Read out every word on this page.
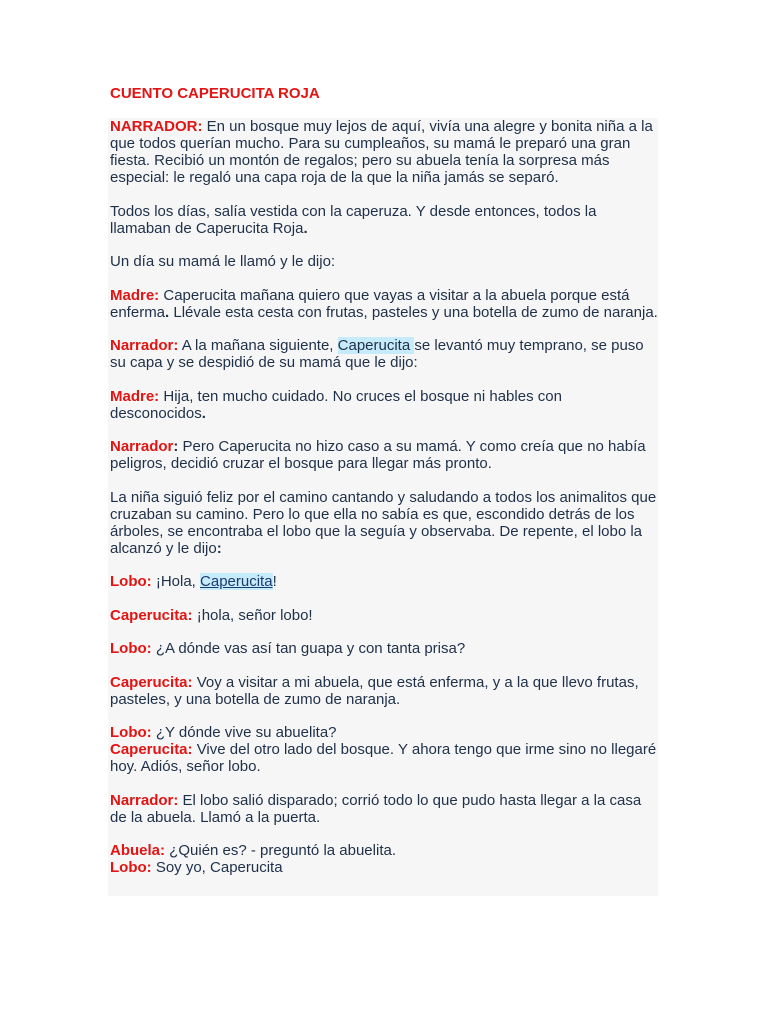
CUENTO CAPERUCITA ROJA

NARRADOR: En un bosque muy lejos de aquí, vivía una alegre y bonita niña a la que todos querían mucho. Para su cumpleaños, su mamá le preparó una gran fiesta. Recibió un montón de regalos; pero su abuela tenía la sorpresa más especial: le regaló una capa roja de la que la niña jamás se separó.

Todos los días, salía vestida con la caperuza. Y desde entonces, todos la llamaban de Caperucita Roja.

Un día su mamá le llamó y le dijo:

Madre: Caperucita mañana quiero que vayas a visitar a la abuela porque está enferma. Llévale esta cesta con frutas, pasteles y una botella de zumo de naranja.

Narrador: A la mañana siguiente, Caperucita se levantó muy temprano, se puso su capa y se despidió de su mamá que le dijo:

Madre: Hija, ten mucho cuidado. No cruces el bosque ni hables con desconocidos.

Narrador: Pero Caperucita no hizo caso a su mamá. Y como creía que no había peligros, decidió cruzar el bosque para llegar más pronto.

La niña siguió feliz por el camino cantando y saludando a todos los animalitos que cruzaban su camino. Pero lo que ella no sabía es que, escondido detrás de los árboles, se encontraba el lobo que la seguía y observaba. De repente, el lobo la alcanzó y le dijo:

Lobo: ¡Hola, Caperucita!

Caperucita: ¡hola, señor lobo!

Lobo: ¿A dónde vas así tan guapa y con tanta prisa?

Caperucita: Voy a visitar a mi abuela, que está enferma, y a la que llevo frutas, pasteles, y una botella de zumo de naranja.

Lobo: ¿Y dónde vive su abuelita?

Caperucita: Vive del otro lado del bosque. Y ahora tengo que irme sino no llegaré hoy. Adiós, señor lobo.

Narrador: El lobo salió disparado; corrió todo lo que pudo hasta llegar a la casa de la abuela. Llamó a la puerta.

Abuela: ¿Quién es? - preguntó la abuelita.

Lobo: Soy yo, Caperucita
